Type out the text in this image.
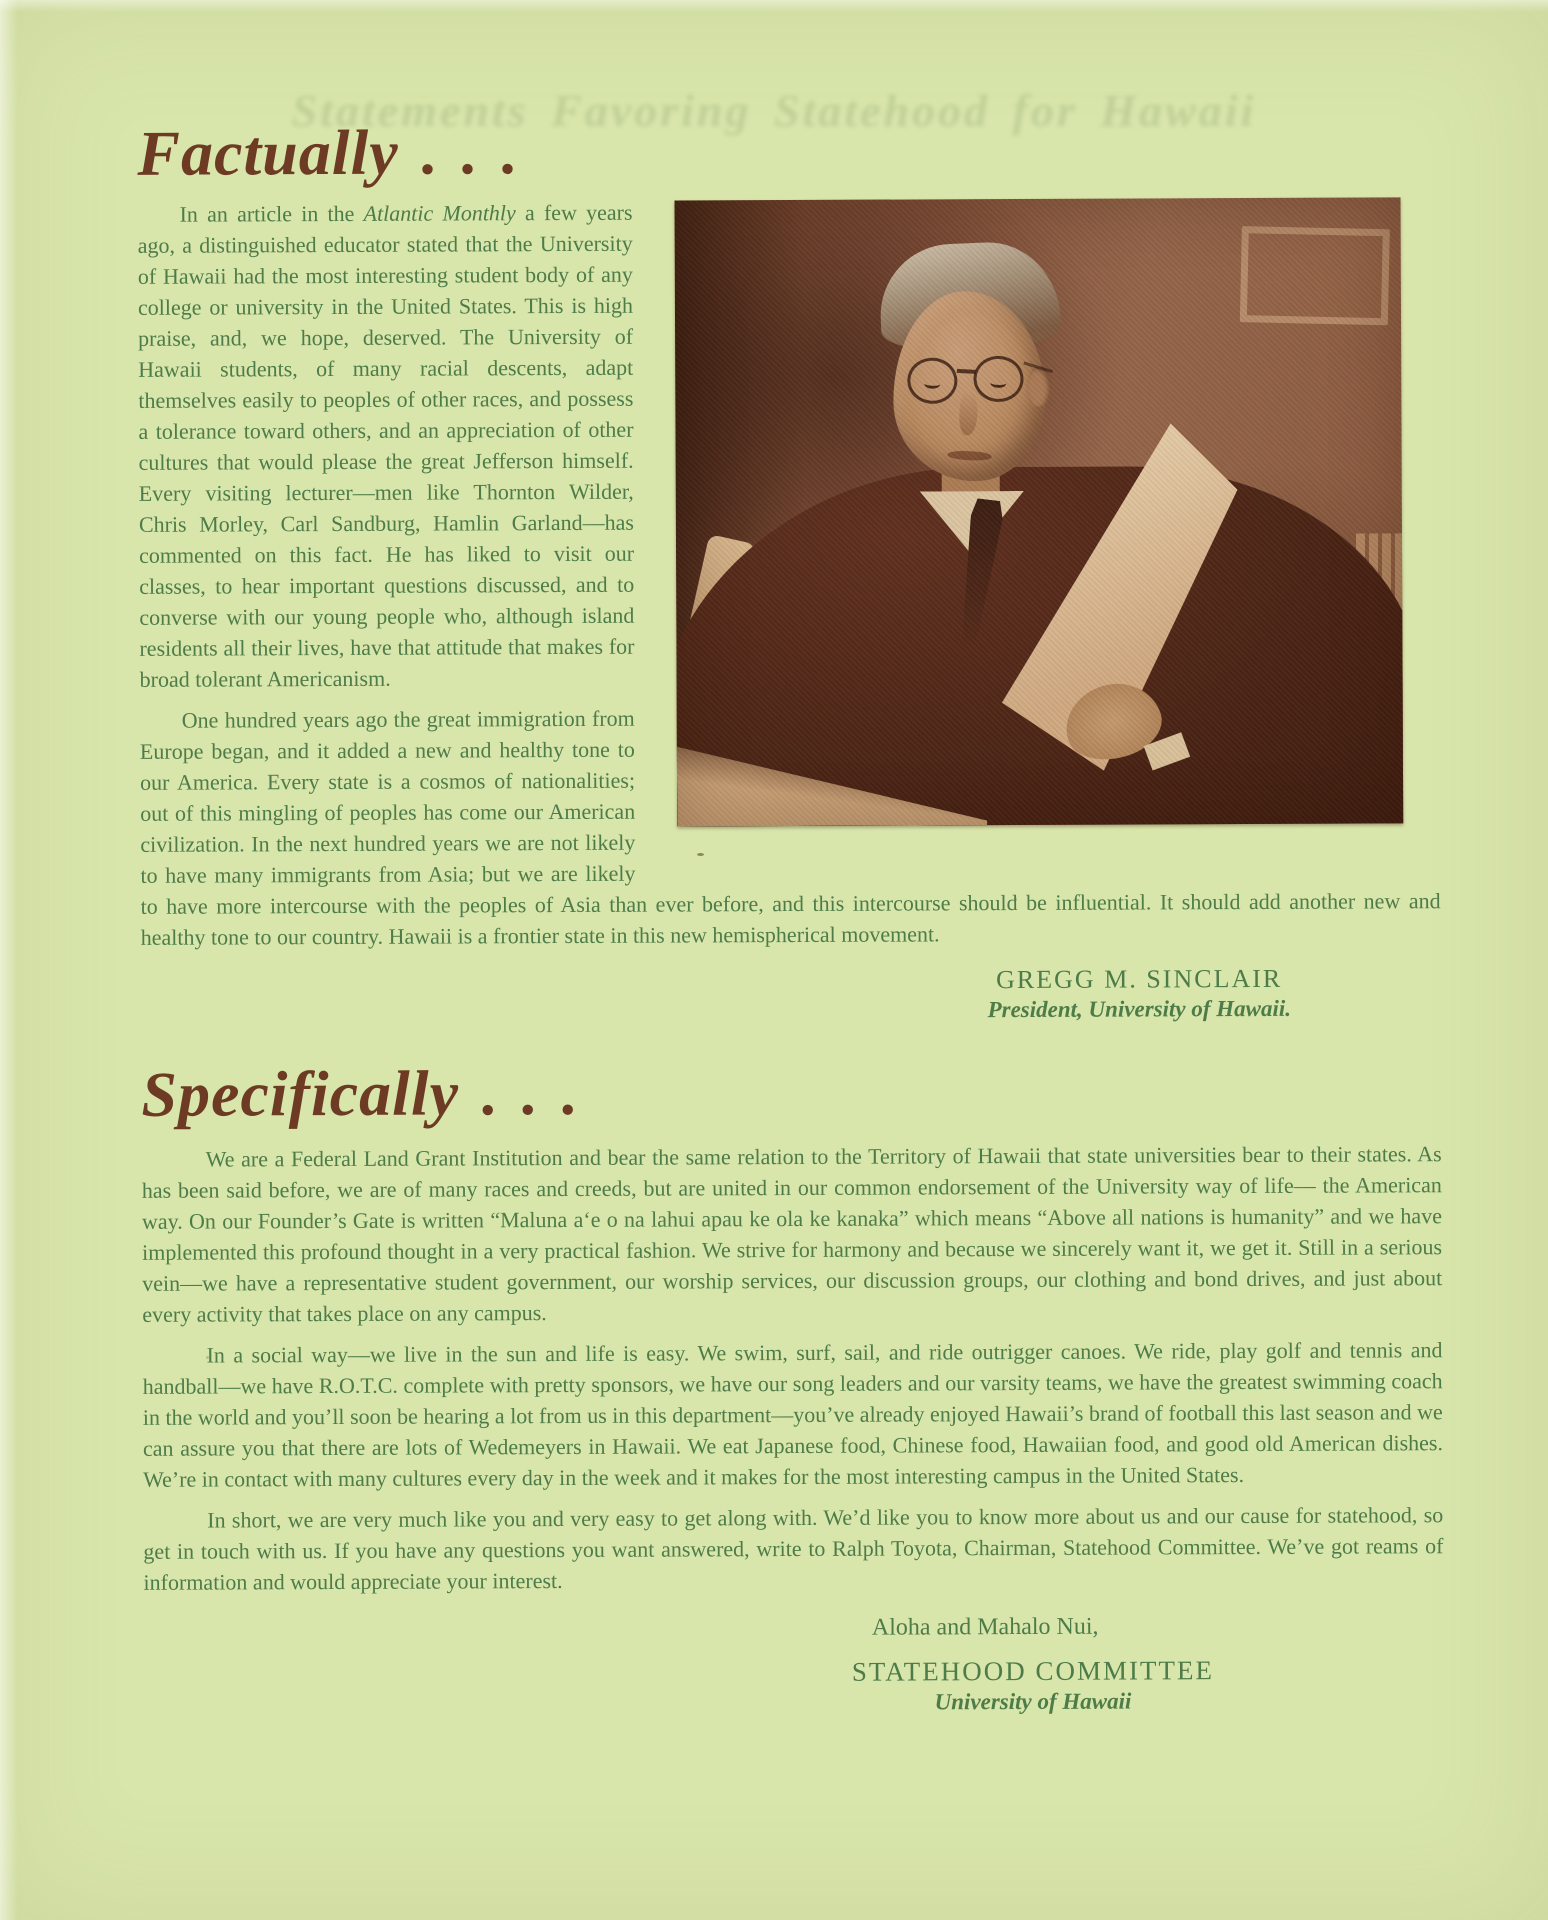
Statements Favoring Statehood for Hawaii
Factually . . .

In an article in the Atlantic Monthly a few years ago, a distinguished educator stated that the University of Hawaii had the most interesting student body of any college or university in the United States. This is high praise, and, we hope, deserved. The University of Hawaii students, of many racial descents, adapt themselves easily to peoples of other races, and possess a tolerance toward others, and an appreciation of other cultures that would please the great Jefferson himself. Every visiting lecturer—men like Thornton Wilder, Chris Morley, Carl Sandburg, Hamlin Garland—has commented on this fact. He has liked to visit our classes, to hear important questions discussed, and to converse with our young people who, although island residents all their lives, have that attitude that makes for broad tolerant Americanism.

One hundred years ago the great immigration from Europe began, and it added a new and healthy tone to our America. Every state is a cosmos of nationalities; out of this mingling of peoples has come our American civilization. In the next hundred years we are not likely to have many immigrants from Asia; but we are likely to have more intercourse with the peoples of Asia than ever before, and this intercourse should be influential. It should add another new and healthy tone to our country. Hawaii is a frontier state in this new hemispherical movement.

GREGG M. SINCLAIR
President, University of Hawaii.
Specifically . . .

We are a Federal Land Grant Institution and bear the same relation to the Territory of Hawaii that state universities bear to their states. As has been said before, we are of many races and creeds, but are united in our common endorsement of the University way of life— the American way. On our Founder’s Gate is written “Maluna a‘e o na lahui apau ke ola ke kanaka” which means “Above all nations is humanity” and we have implemented this profound thought in a very practical fashion. We strive for harmony and because we sincerely want it, we get it. Still in a serious vein—we have a representative student government, our worship services, our discussion groups, our clothing and bond drives, and just about every activity that takes place on any campus.

In a social way—we live in the sun and life is easy. We swim, surf, sail, and ride outrigger canoes. We ride, play golf and tennis and handball—we have R.O.T.C. complete with pretty sponsors, we have our song leaders and our varsity teams, we have the greatest swimming coach in the world and you’ll soon be hearing a lot from us in this department—you’ve already enjoyed Hawaii’s brand of football this last season and we can assure you that there are lots of Wedemeyers in Hawaii. We eat Japanese food, Chinese food, Hawaiian food, and good old American dishes. We’re in contact with many cultures every day in the week and it makes for the most interesting campus in the United States.

In short, we are very much like you and very easy to get along with. We’d like you to know more about us and our cause for statehood, so get in touch with us. If you have any questions you want answered, write to Ralph Toyota, Chairman, Statehood Committee. We’ve got reams of information and would appreciate your interest.

Aloha and Mahalo Nui,
STATEHOOD COMMITTEE
University of Hawaii
